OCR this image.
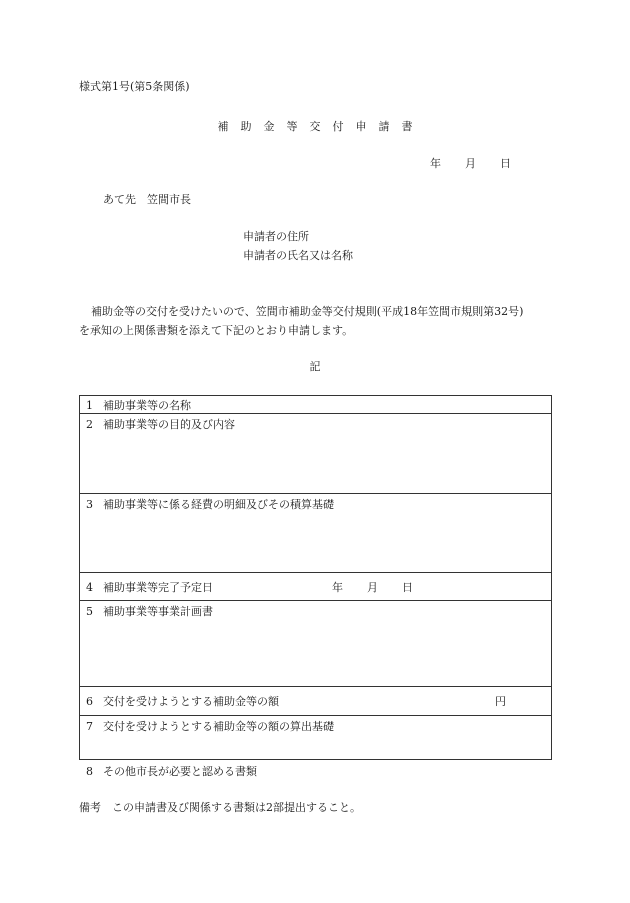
様式第1号(第5条関係)
補 助 金 等 交 付 申 請 書
年 月 日
あて先　笠間市長
申請者の住所
申請者の氏名又は名称
補助金等の交付を受けたいので、笠間市補助金等交付規則(平成18年笠間市規則第32号)
を承知の上関係書類を添えて下記のとおり申請します。
記
1 補助事業等の名称

2 補助事業等の目的及び内容

3 補助事業等に係る経費の明細及びその積算基礎

4 補助事業等完了予定日	年 月 日

5 補助事業等事業計画書

6 交付を受けようとする補助金等の額	円

7 交付を受けようとする補助金等の額の算出基礎
8 その他市長が必要と認める書類
備考　この申請書及び関係する書類は2部提出すること。
